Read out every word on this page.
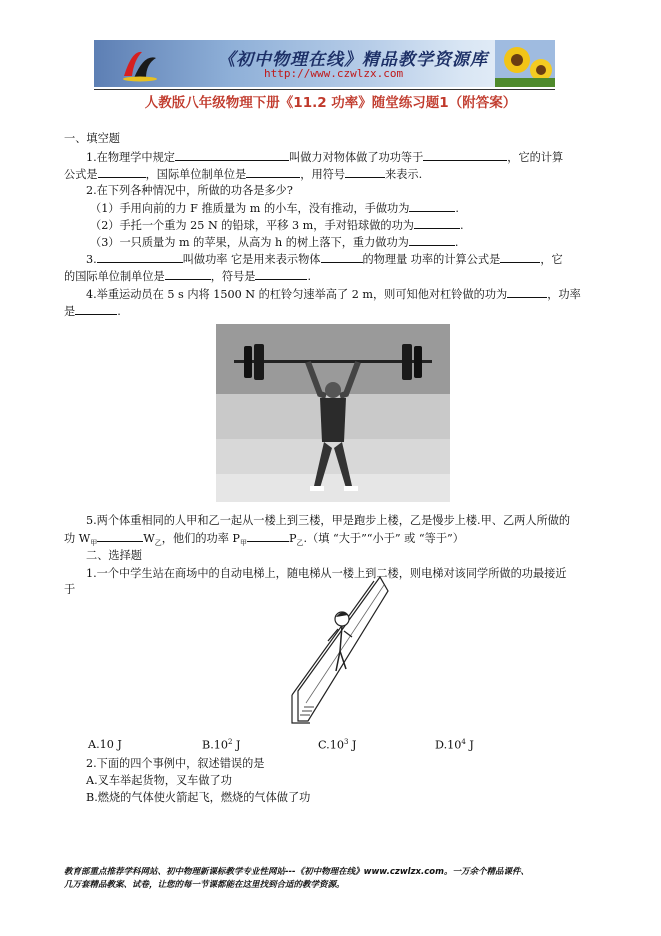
《初中物理在线》精品教学资源库
http://www.czwlzx.com
人教版八年级物理下册《11.2 功率》随堂练习题1（附答案）
一、填空题
1.在物理学中规定	叫做力对物体做了功功等于	，它的计算
公式是	，国际单位制单位是	，用符号	来表示.
2.在下列各种情况中，所做的功各是多少?
（1）手用向前的力 F 推质量为 m 的小车，没有推动，手做功为	.
（2）手托一个重为 25 N 的铅球，平移 3 m，手对铅球做的功为	.
（3）一只质量为 m 的苹果，从高为 h 的树上落下，重力做功为	.
3.	叫做功率 它是用来表示物体	的物理量 功率的计算公式是	，它
的国际单位制单位是	，符号是	.
4.举重运动员在 5 s 内将 1500 N 的杠铃匀速举高了 2 m，则可知他对杠铃做的功为	，功率
是	.
5.两个体重相同的人甲和乙一起从一楼上到三楼，甲是跑步上楼，乙是慢步上楼.甲、乙两人所做的
功 $W_甲$	$W_乙$，他们的功率 $P_甲$	$P_乙$.（填 “大于”“小于” 或 “等于”）
二、选择题
1.一个中学生站在商场中的自动电梯上，随电梯从一楼上到二楼，则电梯对该同学所做的功最接近
于
A.10 J	$B.10^2$ J	$C.10^3$ J	$D.10^4$ J
2.下面的四个事例中，叙述错误的是
A.叉车举起货物，叉车做了功
B.燃烧的气体使火箭起飞，燃烧的气体做了功
教育部重点推荐学科网站、初中物理新课标教学专业性网站---《初中物理在线》www.czwlzx.com。一万余个精品课件、
几万套精品教案、试卷，让您的每一节课都能在这里找到合适的教学资源。
